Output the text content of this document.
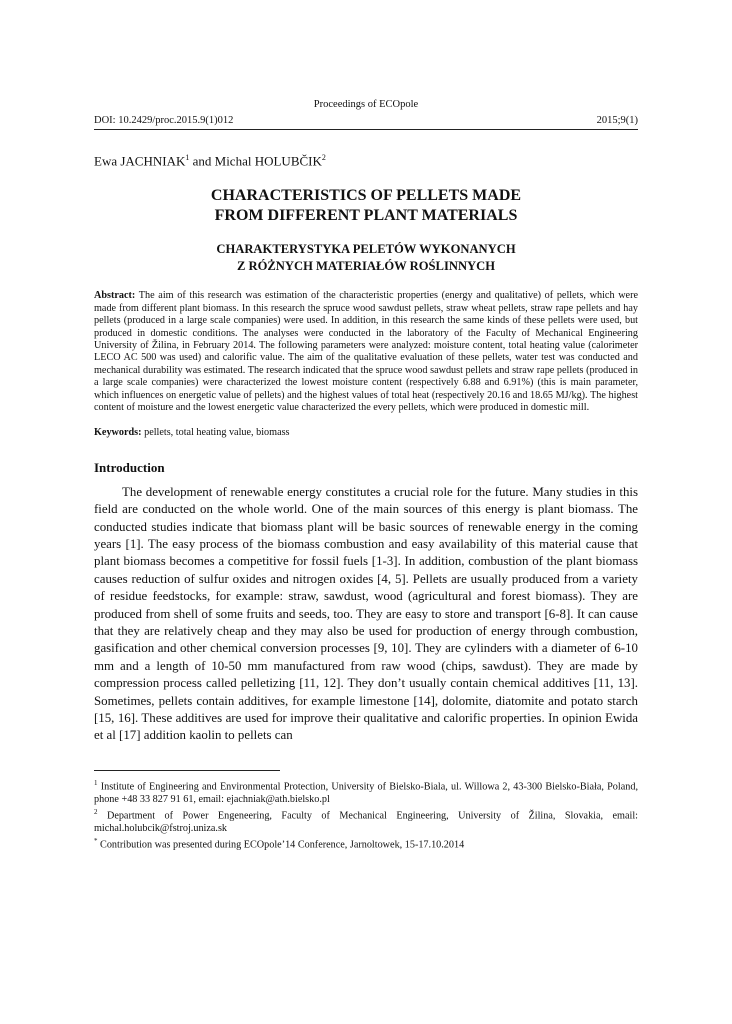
Proceedings of ECOpole
DOI: 10.2429/proc.2015.9(1)012	2015;9(1)
Ewa JACHNIAK$^1$ and Michal HOLUBČIK$^2$
CHARACTERISTICS OF PELLETS MADE
FROM DIFFERENT PLANT MATERIALS
CHARAKTERYSTYKA PELETÓW WYKONANYCH
Z RÓŻNYCH MATERIAŁÓW ROŚLINNYCH
Abstract: The aim of this research was estimation of the characteristic properties (energy and qualitative) of pellets, which were made from different plant biomass. In this research the spruce wood sawdust pellets, straw wheat pellets, straw rape pellets and hay pellets (produced in a large scale companies) were used. In addition, in this research the same kinds of these pellets were used, but produced in domestic conditions. The analyses were conducted in the laboratory of the Faculty of Mechanical Engineering University of Žilina, in February 2014. The following parameters were analyzed: moisture content, total heating value (calorimeter LECO AC 500 was used) and calorific value. The aim of the qualitative evaluation of these pellets, water test was conducted and mechanical durability was estimated. The research indicated that the spruce wood sawdust pellets and straw rape pellets (produced in a large scale companies) were characterized the lowest moisture content (respectively 6.88 and 6.91%) (this is main parameter, which influences on energetic value of pellets) and the highest values of total heat (respectively 20.16 and 18.65 MJ/kg). The highest content of moisture and the lowest energetic value characterized the every pellets, which were produced in domestic mill.
Keywords: pellets, total heating value, biomass
Introduction
The development of renewable energy constitutes a crucial role for the future. Many studies in this field are conducted on the whole world. One of the main sources of this energy is plant biomass. The conducted studies indicate that biomass plant will be basic sources of renewable energy in the coming years [1]. The easy process of the biomass combustion and easy availability of this material cause that plant biomass becomes a competitive for fossil fuels [1-3]. In addition, combustion of the plant biomass causes reduction of sulfur oxides and nitrogen oxides [4, 5]. Pellets are usually produced from a variety of residue feedstocks, for example: straw, sawdust, wood (agricultural and forest biomass). They are produced from shell of some fruits and seeds, too. They are easy to store and transport [6-8]. It can cause that they are relatively cheap and they may also be used for production of energy through combustion, gasification and other chemical conversion processes [9, 10]. They are cylinders with a diameter of 6-10 mm and a length of 10-50 mm manufactured from raw wood (chips, sawdust). They are made by compression process called pelletizing [11, 12]. They don’t usually contain chemical additives [11, 13]. Sometimes, pellets contain additives, for example limestone [14], dolomite, diatomite and potato starch [15, 16]. These additives are used for improve their qualitative and calorific properties. In opinion Ewida et al [17] addition kaolin to pellets can

$^1$ Institute of Engineering and Environmental Protection, University of Bielsko-Biala, ul. Willowa 2, 43-300 Bielsko-Biała, Poland, phone +48 33 827 91 61, email: ejachniak@ath.bielsko.pl

$^2$ Department of Power Engeneering, Faculty of Mechanical Engineering, University of Žilina, Slovakia, email: michal.holubcik@fstroj.uniza.sk

* Contribution was presented during ECOpole’14 Conference, Jarnoltowek, 15-17.10.2014
